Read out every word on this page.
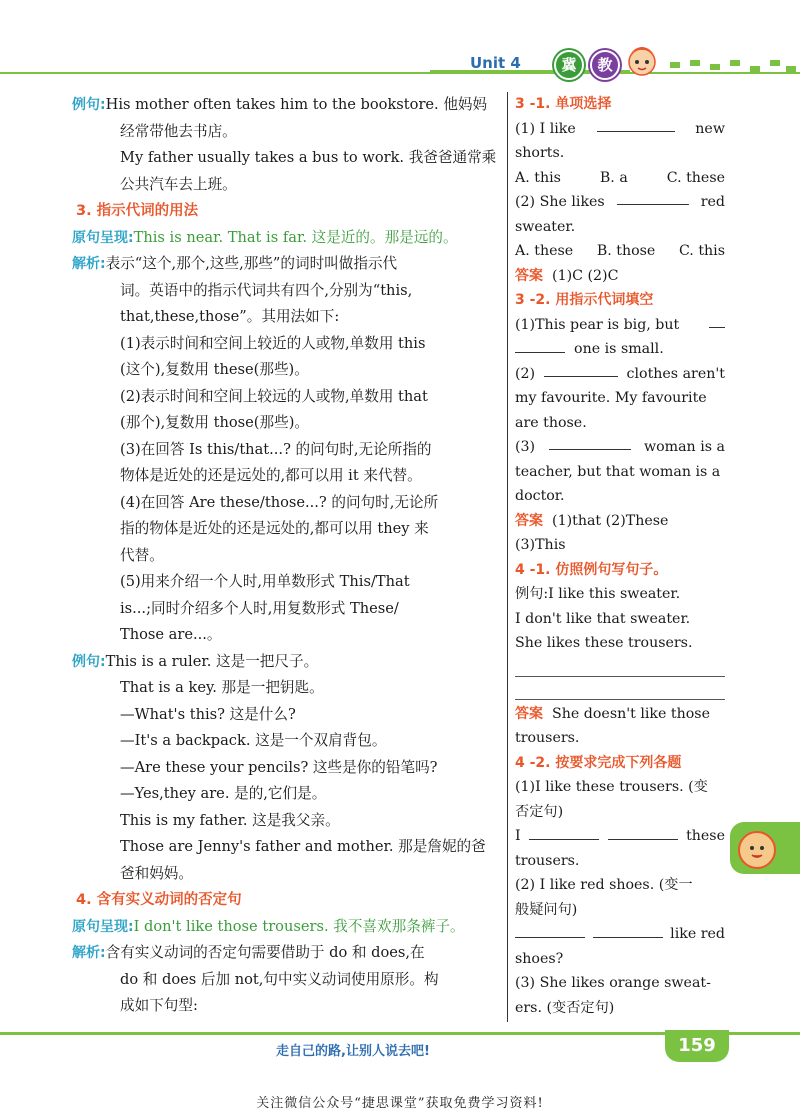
Unit 4	冀	教

例句:His mother often takes him to the bookstore. 他妈妈

经常带他去书店。

My father usually takes a bus to work. 我爸爸通常乘

公共汽车去上班。

3. 指示代词的用法

原句呈现:This is near. That is far. 这是近的。那是远的。

解析:表示“这个,那个,这些,那些”的词时叫做指示代

词。英语中的指示代词共有四个,分别为“this,

that,these,those”。其用法如下:

(1)表示时间和空间上较近的人或物,单数用 this

(这个),复数用 these(那些)。

(2)表示时间和空间上较远的人或物,单数用 that

(那个),复数用 those(那些)。

(3)在回答 Is this/that...? 的问句时,无论所指的

物体是近处的还是远处的,都可以用 it 来代替。

(4)在回答 Are these/those...? 的问句时,无论所

指的物体是近处的还是远处的,都可以用 they 来

代替。

(5)用来介绍一个人时,用单数形式 This/That

is...;同时介绍多个人时,用复数形式 These/

Those are...。

例句:This is a ruler. 这是一把尺子。

That is a key. 那是一把钥匙。

—What's this? 这是什么?

—It's a backpack. 这是一个双肩背包。

—Are these your pencils? 这些是你的铅笔吗?

—Yes,they are. 是的,它们是。

This is my father. 这是我父亲。

Those are Jenny's father and mother. 那是詹妮的爸

爸和妈妈。

4. 含有实义动词的否定句

原句呈现:I don't like those trousers. 我不喜欢那条裤子。

解析:含有实义动词的否定句需要借助于 do 和 does,在

do 和 does 后加 not,句中实义动词使用原形。构

成如下句型:

3 -1. 单项选择

(1) I like	new

shorts.

A. this	B. a	C. these

(2) She likes	red

sweater.

A. these B. those C. this

答案 (1)C (2)C

3 -2. 用指示代词填空

(1)This pear is big, but

one is small.

(2)	clothes aren't

my favourite. My favourite

are those.

(3)	woman is a

teacher, but that woman is a

doctor.

答案 (1)that (2)These

(3)This

4 -1. 仿照例句写句子。

例句:I like this sweater.

I don't like that sweater.

She likes these trousers.

答案 She doesn't like those

trousers.

4 -2. 按要求完成下列各题

(1)I like these trousers. (变

否定句)

I	these

trousers.

(2) I like red shoes. (变一

般疑问句)

like red

shoes?

(3) She likes orange sweat-

ers. (变否定句)

走自己的路,让别人说去吧!	159
关注微信公众号“捷思课堂”获取免费学习资料!
